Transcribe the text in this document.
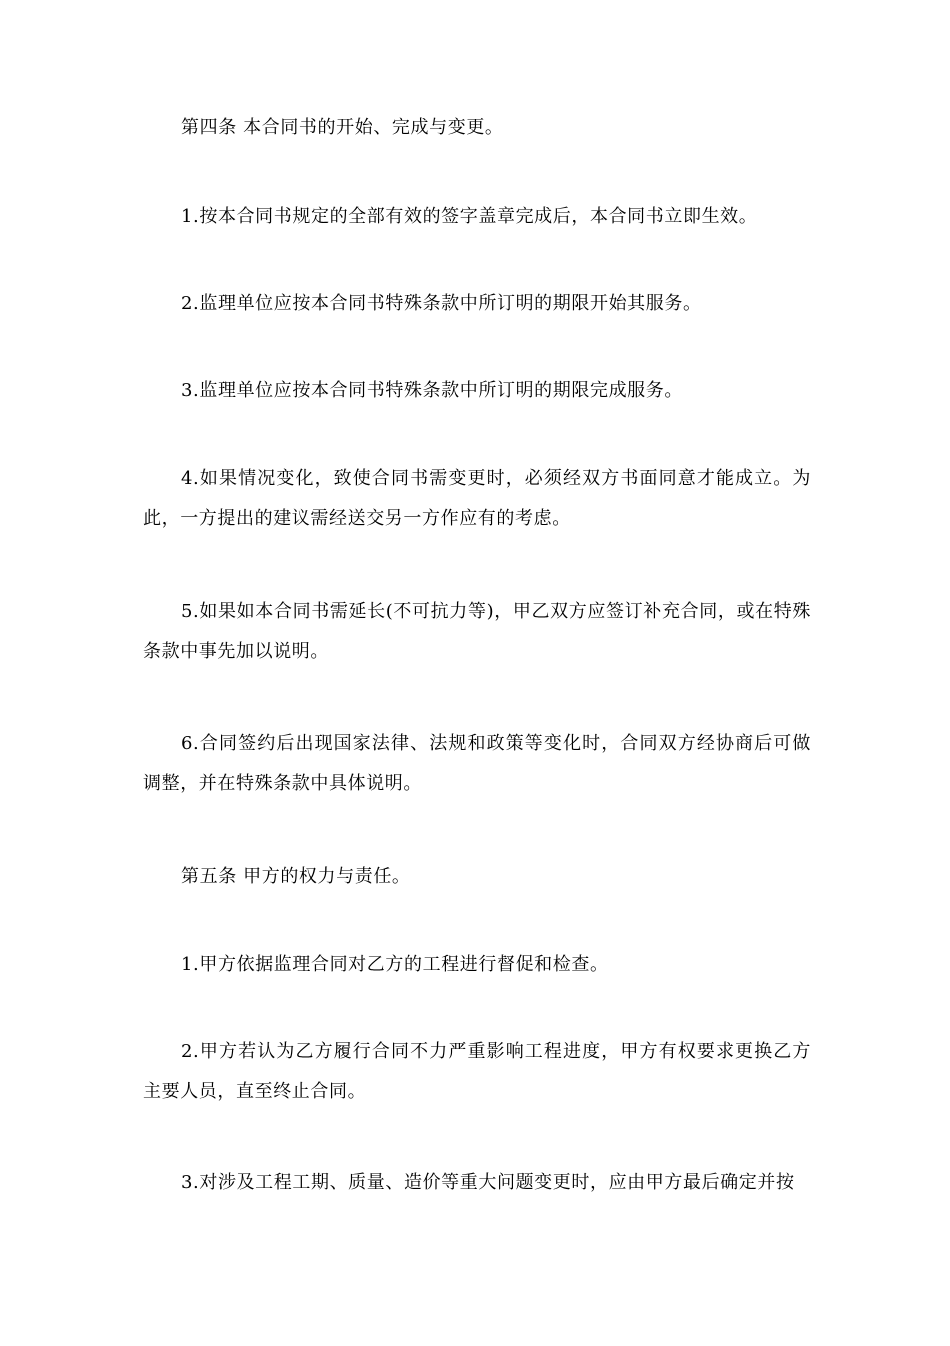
第四条 本合同书的开始、完成与变更。

1.按本合同书规定的全部有效的签字盖章完成后，本合同书立即生效。

2.监理单位应按本合同书特殊条款中所订明的期限开始其服务。

3.监理单位应按本合同书特殊条款中所订明的期限完成服务。

4.如果情况变化，致使合同书需变更时，必须经双方书面同意才能成立。为此，一方提出的建议需经送交另一方作应有的考虑。

5.如果如本合同书需延长(不可抗力等)，甲乙双方应签订补充合同，或在特殊条款中事先加以说明。

6.合同签约后出现国家法律、法规和政策等变化时，合同双方经协商后可做调整，并在特殊条款中具体说明。

第五条 甲方的权力与责任。

1.甲方依据监理合同对乙方的工程进行督促和检查。

2.甲方若认为乙方履行合同不力严重影响工程进度，甲方有权要求更换乙方主要人员，直至终止合同。

3.对涉及工程工期、质量、造价等重大问题变更时，应由甲方最后确定并按
